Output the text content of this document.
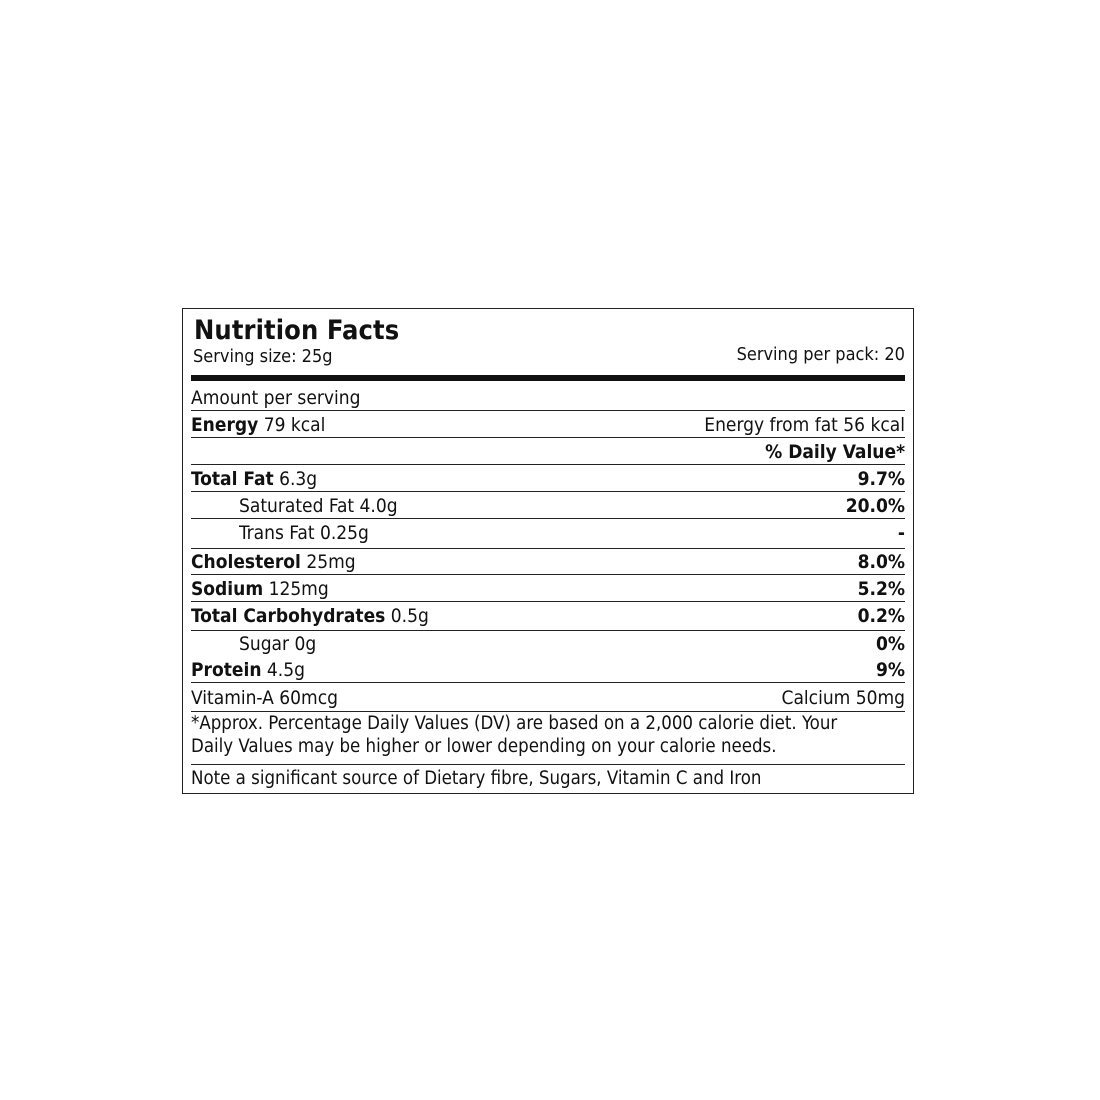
Nutrition Facts
Serving size: 25g	Serving per pack: 20
Amount per serving
Energy 79 kcal	Energy from fat 56 kcal
% Daily Value*
Total Fat 6.3g	9.7%
Saturated Fat 4.0g	20.0%
Trans Fat 0.25g	-
Cholesterol 25mg	8.0%
Sodium 125mg	5.2%
Total Carbohydrates 0.5g	0.2%
Sugar 0g	0%
Protein 4.5g	9%
Vitamin-A 60mcg	Calcium 50mg
*Approx. Percentage Daily Values (DV) are based on a 2,000 calorie diet. Your
Daily Values may be higher or lower depending on your calorie needs.
Note a significant source of Dietary fibre, Sugars, Vitamin C and Iron
